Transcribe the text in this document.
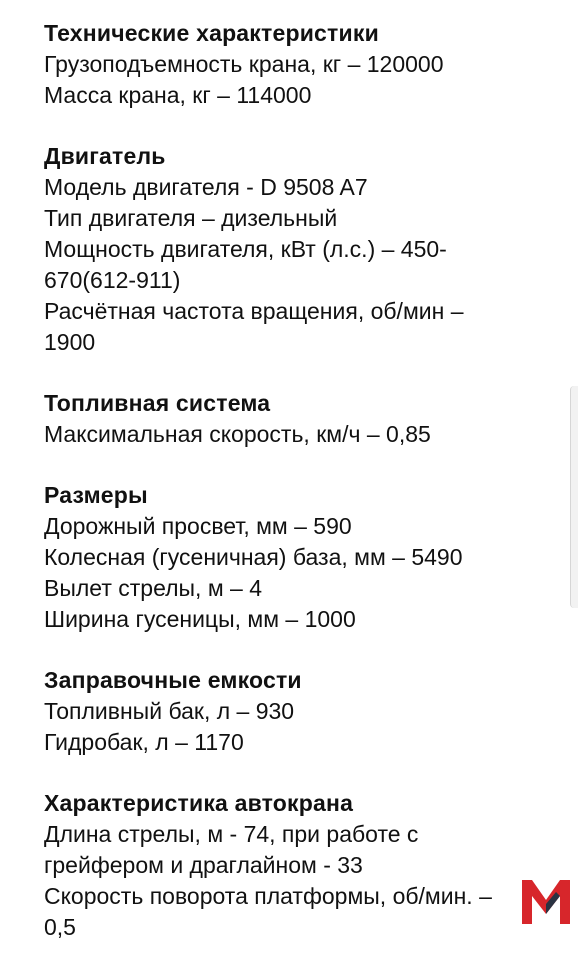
Технические характеристики
Грузоподъемность крана, кг – 120000
Масса крана, кг – 114000
Двигатель
Модель двигателя - D 9508 A7
Тип двигателя – дизельный
Мощность двигателя, кВт (л.с.) – 450-
670(612-911)
Расчётная частота вращения, об/мин –
1900
Топливная система
Максимальная скорость, км/ч – 0,85
Размеры
Дорожный просвет, мм – 590
Колесная (гусеничная) база, мм – 5490
Вылет стрелы, м – 4
Ширина гусеницы, мм – 1000
Заправочные емкости
Топливный бак, л – 930
Гидробак, л – 1170
Характеристика автокрана
Длина стрелы, м - 74, при работе с
грейфером и драглайном - 33
Скорость поворота платформы, об/мин. –
0,5
